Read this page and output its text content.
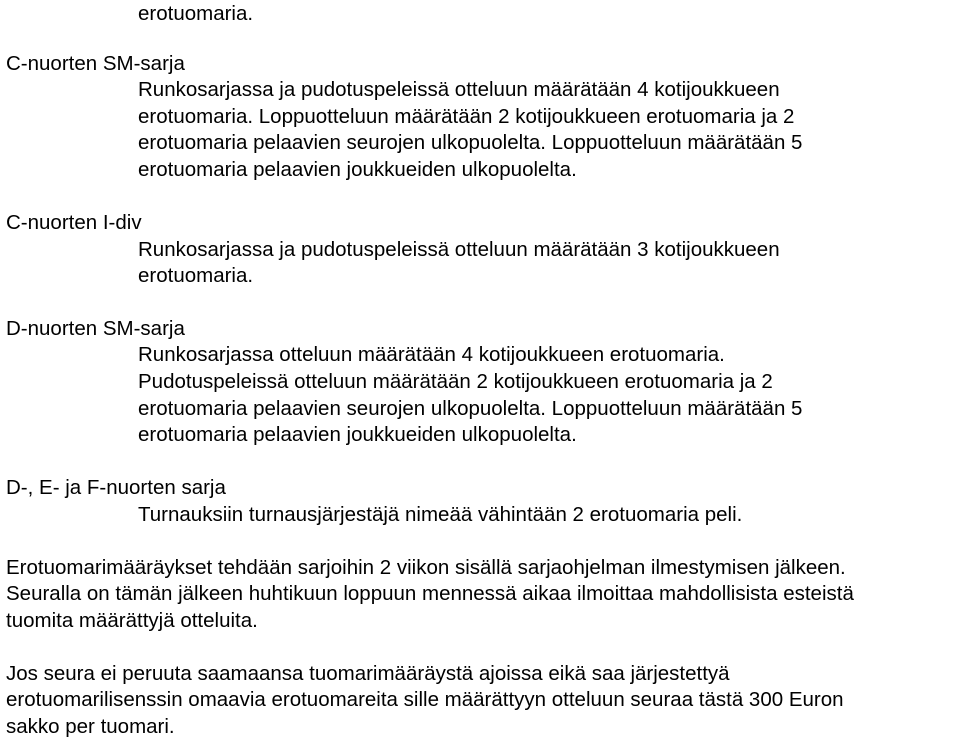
erotuomaria.
C-nuorten SM-sarja
Runkosarjassa ja pudotuspeleissä otteluun määrätään 4 kotijoukkueen
erotuomaria. Loppuotteluun määrätään 2 kotijoukkueen erotuomaria ja 2
erotuomaria pelaavien seurojen ulkopuolelta. Loppuotteluun määrätään 5
erotuomaria pelaavien joukkueiden ulkopuolelta.
C-nuorten I-div
Runkosarjassa ja pudotuspeleissä otteluun määrätään 3 kotijoukkueen
erotuomaria.
D-nuorten SM-sarja
Runkosarjassa otteluun määrätään 4 kotijoukkueen erotuomaria.
Pudotuspeleissä otteluun määrätään 2 kotijoukkueen erotuomaria ja 2
erotuomaria pelaavien seurojen ulkopuolelta. Loppuotteluun määrätään 5
erotuomaria pelaavien joukkueiden ulkopuolelta.
D-, E- ja F-nuorten sarja
Turnauksiin turnausjärjestäjä nimeää vähintään 2 erotuomaria peli.
Erotuomarimääräykset tehdään sarjoihin 2 viikon sisällä sarjaohjelman ilmestymisen jälkeen.
Seuralla on tämän jälkeen huhtikuun loppuun mennessä aikaa ilmoittaa mahdollisista esteistä
tuomita määrättyjä otteluita.
Jos seura ei peruuta saamaansa tuomarimääräystä ajoissa eikä saa järjestettyä
erotuomarilisenssin omaavia erotuomareita sille määrättyyn otteluun seuraa tästä 300 Euron
sakko per tuomari.
